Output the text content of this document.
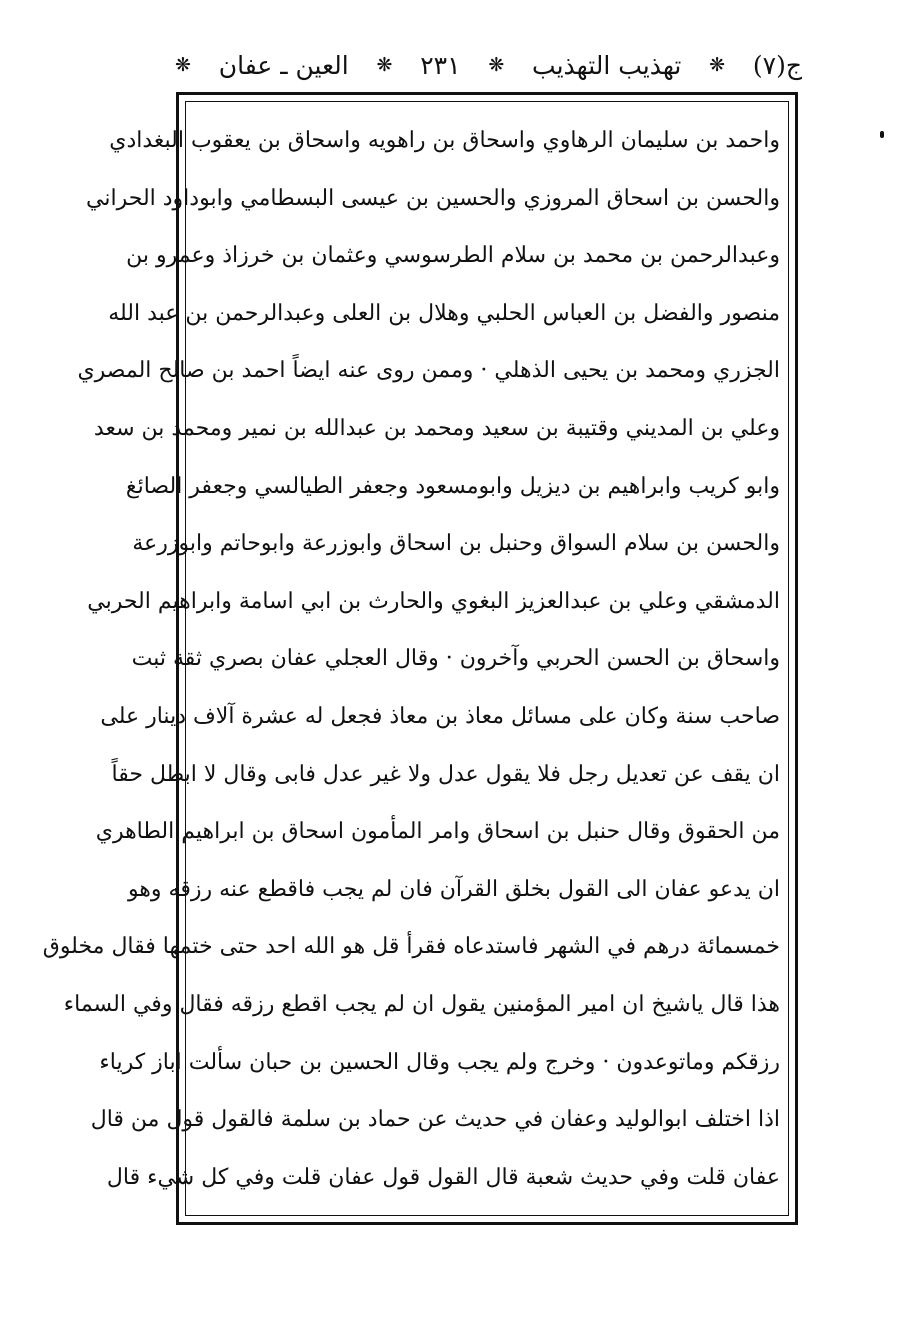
ج(٧)
❋
تهذيب التهذيب
❋
٢٣١
❋
العين ـ عفان
❋
واحمد بن سليمان الرهاوي واسحاق بن راهويه واسحاق بن يعقوب البغدادي
والحسن بن اسحاق المروزي والحسين بن عيسى البسطامي وابوداود الحراني
وعبدالرحمن بن محمد بن سلام الطرسوسي وعثمان بن خرزاذ وعمرو بن
منصور والفضل بن العباس الحلبي وهلال بن العلى وعبدالرحمن بن عبد الله
الجزري ومحمد بن يحيى الذهلي · وممن روى عنه ايضاً احمد بن صالح المصري
وعلي بن المديني وقتيبة بن سعيد ومحمد بن عبدالله بن نمير ومحمد بن سعد
وابو كريب وابراهيم بن ديزيل وابومسعود وجعفر الطيالسي وجعفر الصائغ
والحسن بن سلام السواق وحنبل بن اسحاق وابوزرعة وابوحاتم وابوزرعة
الدمشقي وعلي بن عبدالعزيز البغوي والحارث بن ابي اسامة وابراهيم الحربي
واسحاق بن الحسن الحربي وآخرون · وقال العجلي عفان بصري ثقة ثبت
صاحب سنة وكان على مسائل معاذ بن معاذ فجعل له عشرة آلاف دينار على
ان يقف عن تعديل رجل فلا يقول عدل ولا غير عدل فابى وقال لا ابطل حقاً
من الحقوق وقال حنبل بن اسحاق وامر المأمون اسحاق بن ابراهيم الطاهري
ان يدعو عفان الى القول بخلق القرآن فان لم يجب فاقطع عنه رزقه وهو
خمسمائة درهم في الشهر فاستدعاه فقرأ قل هو الله احد حتى ختمها فقال مخلوق
هذا قال ياشيخ ان امير المؤمنين يقول ان لم يجب اقطع رزقه فقال وفي السماء
رزقكم وماتوعدون · وخرج ولم يجب وقال الحسين بن حبان سألت اباز كرياء
اذا اختلف ابوالوليد وعفان في حديث عن حماد بن سلمة فالقول قول من قال
عفان قلت وفي حديث شعبة قال القول قول عفان قلت وفي كل شيء قال
